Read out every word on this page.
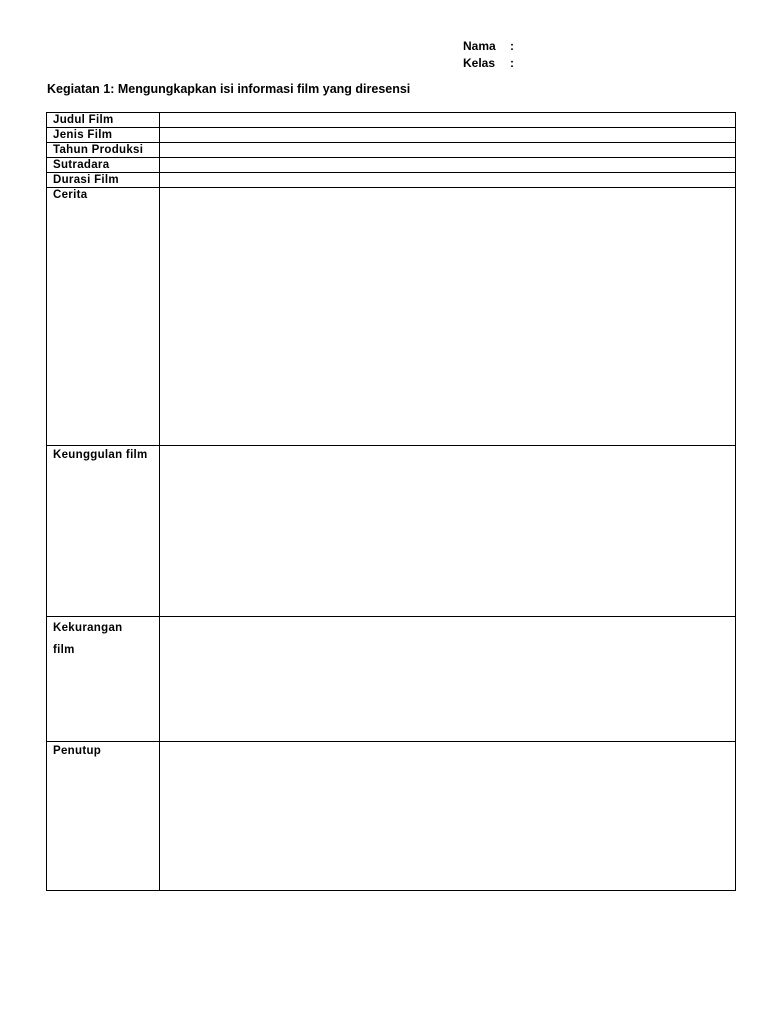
Nama	:
Kelas	:
Kegiatan 1: Mengungkapkan isi informasi film yang diresensi
Judul Film	
Jenis Film	
Tahun Produksi	
Sutradara	
Durasi Film	
Cerita	
Keunggulan film	

Kekurangan
film	

Penutup	
